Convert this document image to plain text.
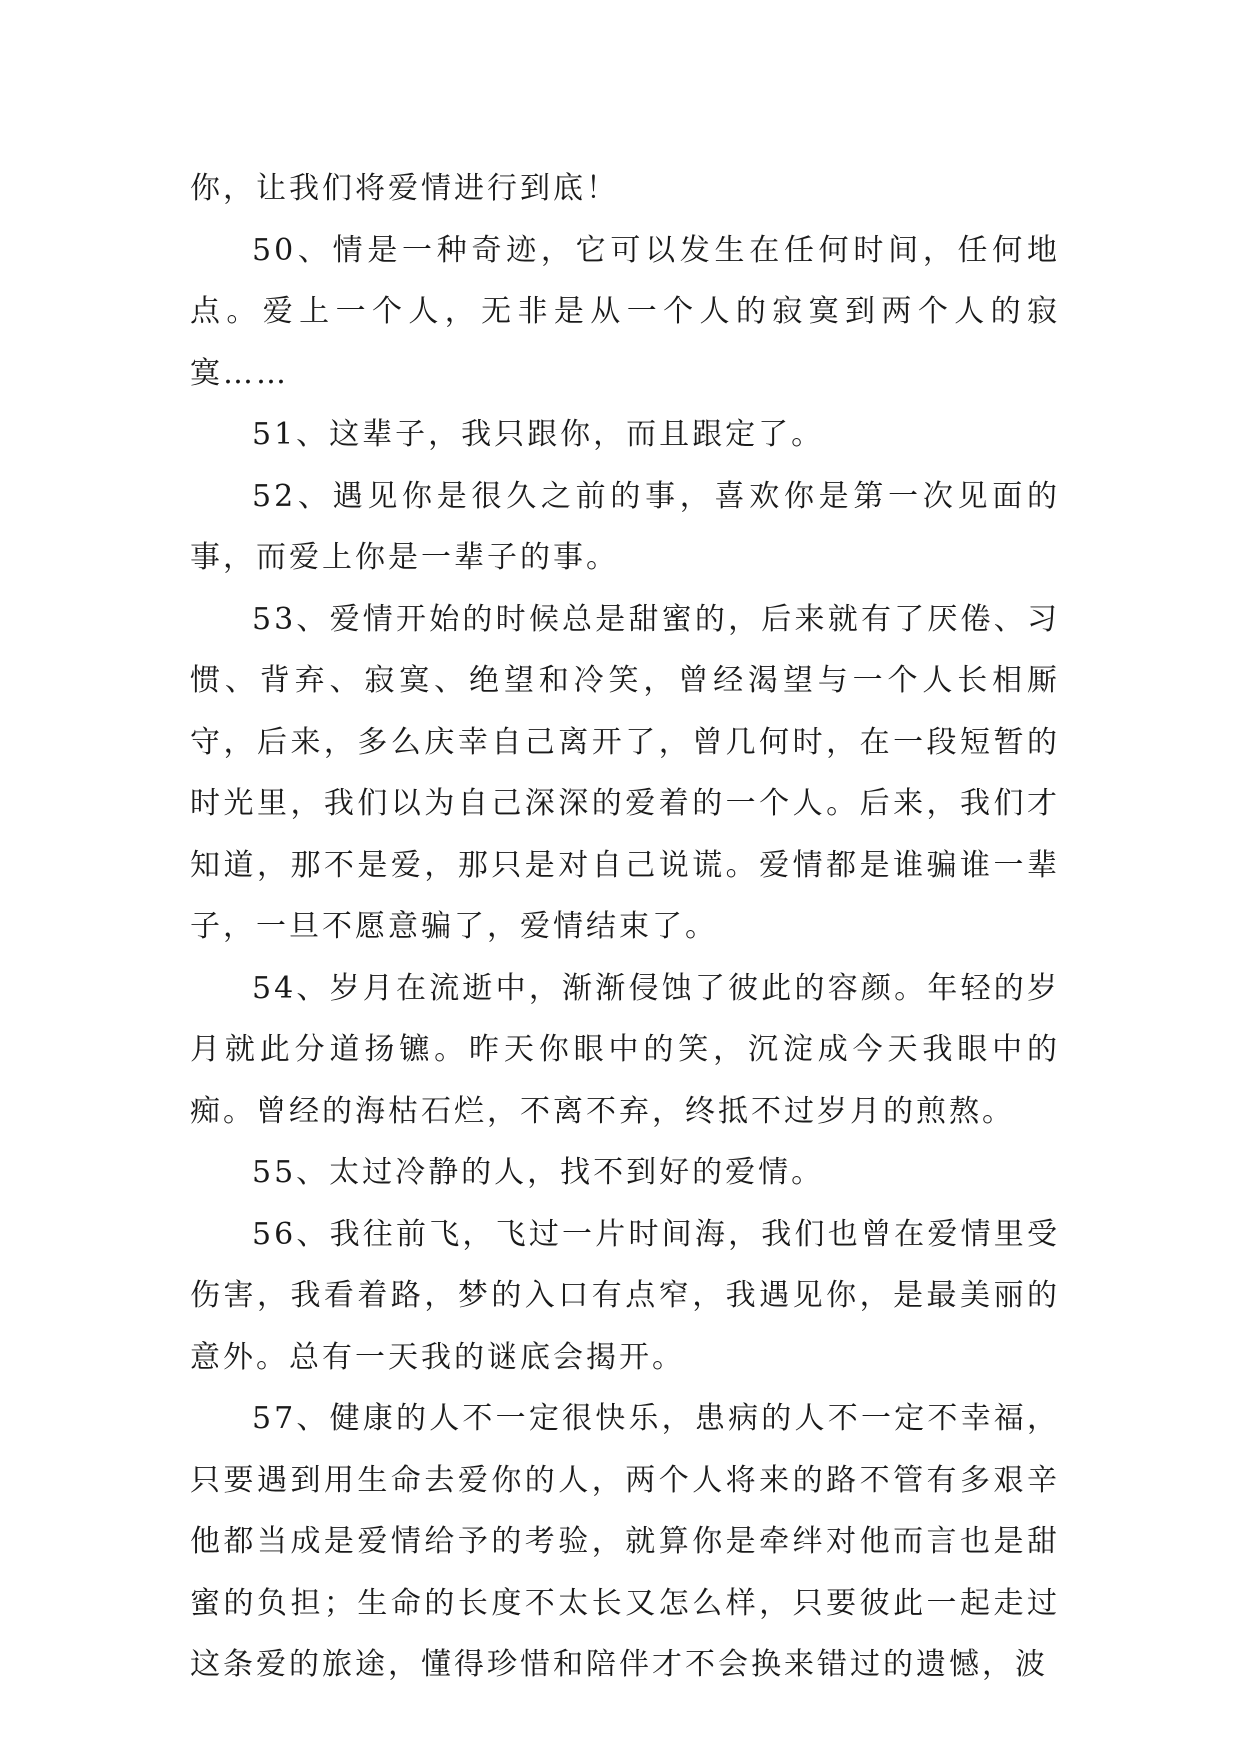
你，让我们将爱情进行到底！

50、情是一种奇迹，它可以发生在任何时间，任何地点。爱上一个人，无非是从一个人的寂寞到两个人的寂寞……

51、这辈子，我只跟你，而且跟定了。

52、遇见你是很久之前的事，喜欢你是第一次见面的事，而爱上你是一辈子的事。

53、爱情开始的时候总是甜蜜的，后来就有了厌倦、习惯、背弃、寂寞、绝望和冷笑，曾经渴望与一个人长相厮守，后来，多么庆幸自己离开了，曾几何时，在一段短暂的时光里，我们以为自己深深的爱着的一个人。后来，我们才知道，那不是爱，那只是对自己说谎。爱情都是谁骗谁一辈子，一旦不愿意骗了，爱情结束了。

54、岁月在流逝中，渐渐侵蚀了彼此的容颜。年轻的岁月就此分道扬镳。昨天你眼中的笑，沉淀成今天我眼中的痴。曾经的海枯石烂，不离不弃，终抵不过岁月的煎熬。

55、太过冷静的人，找不到好的爱情。

56、我往前飞，飞过一片时间海，我们也曾在爱情里受伤害，我看着路，梦的入口有点窄，我遇见你，是最美丽的意外。总有一天我的谜底会揭开。

57、健康的人不一定很快乐，患病的人不一定不幸福，只要遇到用生命去爱你的人，两个人将来的路不管有多艰辛他都当成是爱情给予的考验，就算你是牵绊对他而言也是甜蜜的负担；生命的长度不太长又怎么样，只要彼此一起走过这条爱的旅途，懂得珍惜和陪伴才不会换来错过的遗憾，波
